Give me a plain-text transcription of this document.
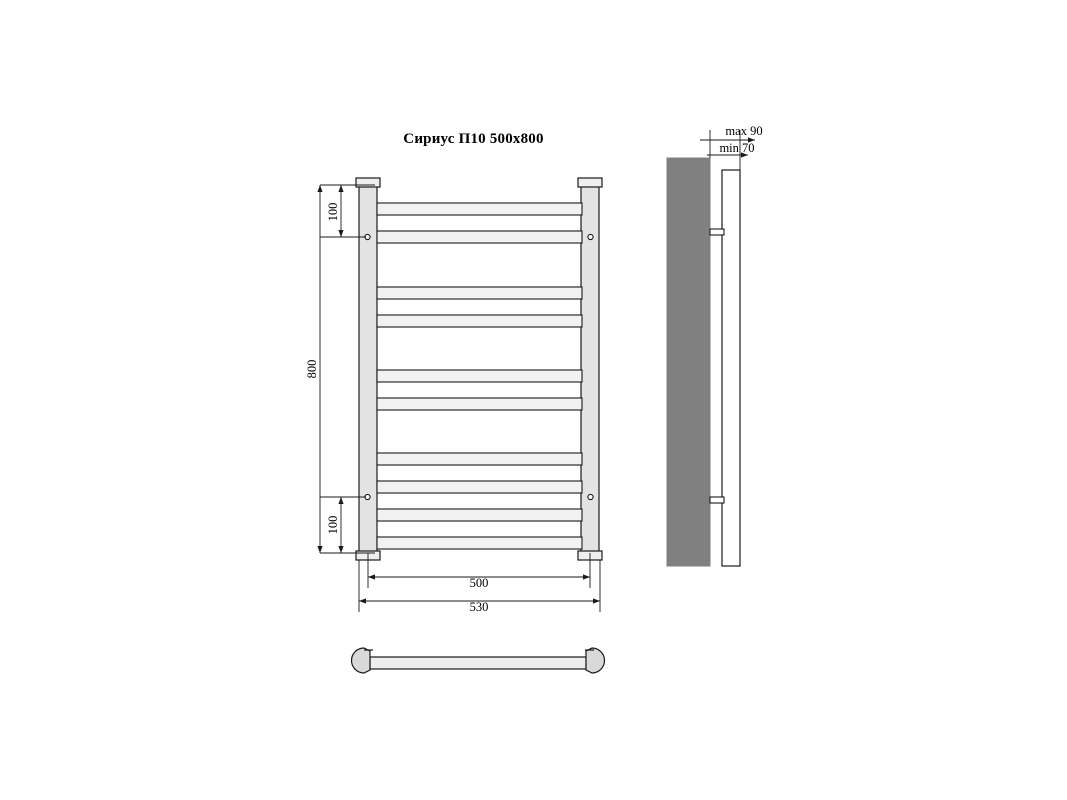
Сириус П10 500x800
100
100
800
500
530
max 90
min 70
